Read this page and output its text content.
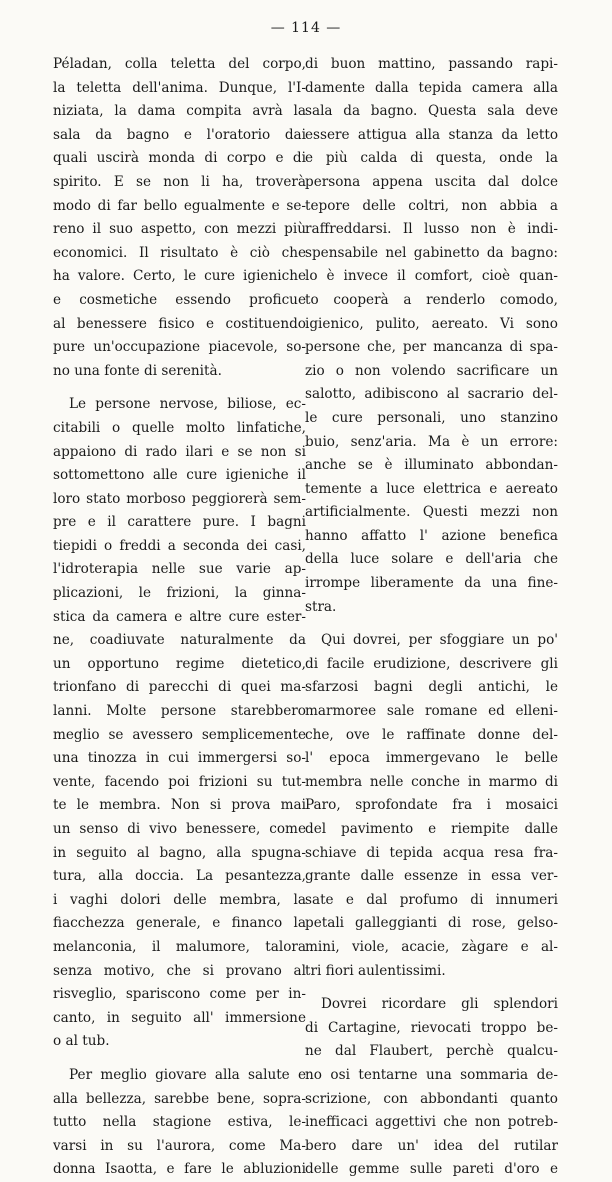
— 114 —
Péladan, colla teletta del corpo,
la teletta dell'anima. Dunque, l'I-
niziata, la dama compita avrà la
sala da bagno e l'oratorio dai
quali uscirà monda di corpo e di
spirito. E se non li ha, troverà
modo di far bello egualmente e se-
reno il suo aspetto, con mezzi più
economici. Il risultato è ciò che
ha valore. Certo, le cure igieniche
e cosmetiche essendo proficue
al benessere fisico e costituendo
pure un'occupazione piacevole, so-
no una fonte di serenità.
Le persone nervose, biliose, ec-
citabili o quelle molto linfatiche,
appaiono di rado ilari e se non si
sottomettono alle cure igieniche il
loro stato morboso peggiorerà sem-
pre e il carattere pure. I bagni
tiepidi o freddi a seconda dei casi,
l'idroterapia nelle sue varie ap-
plicazioni, le frizioni, la ginna-
stica da camera e altre cure ester-
ne, coadiuvate naturalmente da
un opportuno regime dietetico,
trionfano di parecchi di quei ma-
lanni. Molte persone starebbero
meglio se avessero semplicemente
una tinozza in cui immergersi so-
vente, facendo poi frizioni su tut-
te le membra. Non si prova mai
un senso di vivo benessere, come
in seguito al bagno, alla spugna-
tura, alla doccia. La pesantezza,
i vaghi dolori delle membra, la
fiacchezza generale, e financo la
melanconia, il malumore, talora
senza motivo, che si provano al
risveglio, spariscono come per in-
canto, in seguito all' immersione
o al tub.
Per meglio giovare alla salute e
alla bellezza, sarebbe bene, sopra-
tutto nella stagione estiva, le-
varsi in su l'aurora, come Ma-
donna Isaotta, e fare le abluzioni
di buon mattino, passando rapi-
damente dalla tepida camera alla
sala da bagno. Questa sala deve
essere attigua alla stanza da letto
e più calda di questa, onde la
persona appena uscita dal dolce
tepore delle coltri, non abbia a
raffreddarsi. Il lusso non è indi-
spensabile nel gabinetto da bagno:
lo è invece il comfort, cioè quan-
to cooperà a renderlo comodo,
igienico, pulito, aereato. Vi sono
persone che, per mancanza di spa-
zio o non volendo sacrificare un
salotto, adibiscono al sacrario del-
le cure personali, uno stanzino
buio, senz'aria. Ma è un errore:
anche se è illuminato abbondan-
temente a luce elettrica e aereato
artificialmente. Questi mezzi non
hanno affatto l' azione benefica
della luce solare e dell'aria che
irrompe liberamente da una fine-
stra.
Qui dovrei, per sfoggiare un po'
di facile erudizione, descrivere gli
sfarzosi bagni degli antichi, le
marmoree sale romane ed elleni-
che, ove le raffinate donne del-
l' epoca immergevano le belle
membra nelle conche in marmo di
Paro, sprofondate fra i mosaici
del pavimento e riempite dalle
schiave di tepida acqua resa fra-
grante dalle essenze in essa ver-
sate e dal profumo di innumeri
petali galleggianti di rose, gelso-
mini, viole, acacie, zàgare e al-
tri fiori aulentissimi.
Dovrei ricordare gli splendori
di Cartagine, rievocati troppo be-
ne dal Flaubert, perchè qualcu-
no osi tentarne una sommaria de-
scrizione, con abbondanti quanto
inefficaci aggettivi che non potreb-
bero dare un' idea del rutilar
delle gemme sulle pareti d'oro e
